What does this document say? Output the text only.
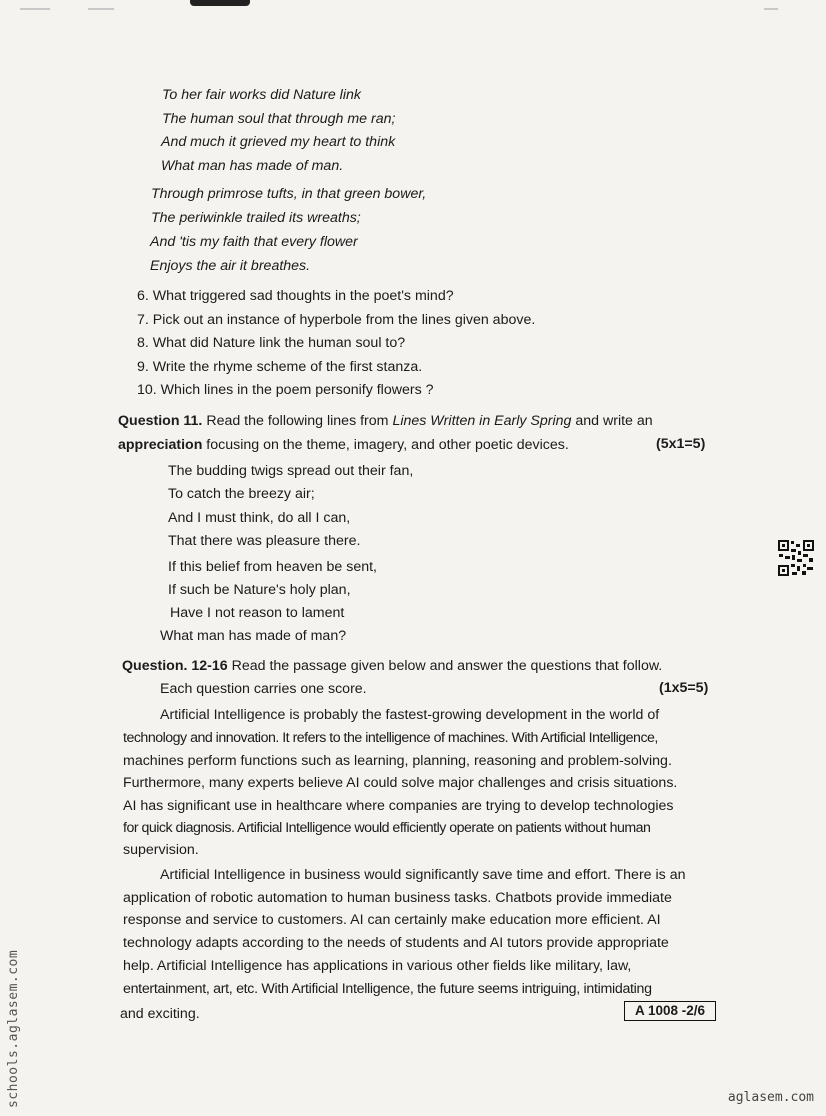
To her fair works did Nature link
The human soul that through me ran;
And much it grieved my heart to think
What man has made of man.
Through primrose tufts, in that green bower,
The periwinkle trailed its wreaths;
And 'tis my faith that every flower
Enjoys the air it breathes.
6. What triggered sad thoughts in the poet's mind?
7. Pick out an instance of hyperbole from the lines given above.
8. What did Nature link the human soul to?
9. Write the rhyme scheme of the first stanza.
10. Which lines in the poem personify flowers ?
Question 11. Read the following lines from Lines Written in Early Spring and write an
appreciation focusing on the theme, imagery, and other poetic devices.	(5x1=5)
The budding twigs spread out their fan,
To catch the breezy air;
And I must think, do all I can,
That there was pleasure there.
If this belief from heaven be sent,
If such be Nature's holy plan,
Have I not reason to lament
What man has made of man?
Question. 12-16 Read the passage given below and answer the questions that follow.
Each question carries one score.	(1x5=5)
Artificial Intelligence is probably the fastest-growing development in the world of
technology and innovation. It refers to the intelligence of machines. With Artificial Intelligence,
machines perform functions such as learning, planning, reasoning and problem-solving.
Furthermore, many experts believe AI could solve major challenges and crisis situations.
AI has significant use in healthcare where companies are trying to develop technologies
for quick diagnosis. Artificial Intelligence would efficiently operate on patients without human
supervision.
Artificial Intelligence in business would significantly save time and effort. There is an
application of robotic automation to human business tasks. Chatbots provide immediate
response and service to customers. AI can certainly make education more efficient. AI
technology adapts according to the needs of students and AI tutors provide appropriate
help. Artificial Intelligence has applications in various other fields like military, law,
entertainment, art, etc. With Artificial Intelligence, the future seems intriguing, intimidating
and exciting.	A 1008 -2/6
schools.aglasem.com	aglasem.com
